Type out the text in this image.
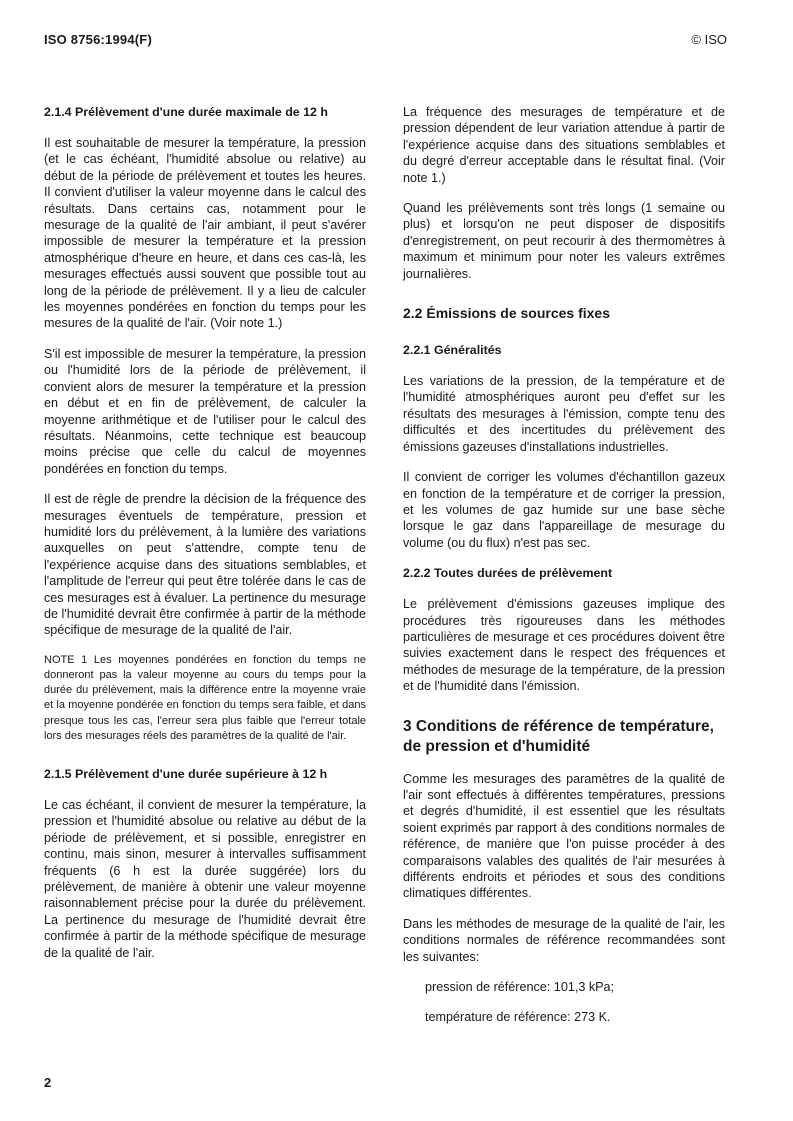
ISO 8756:1994(F)	© ISO
2.1.4 Prélèvement d'une durée maximale de 12 h

Il est souhaitable de mesurer la température, la pression (et le cas échéant, l'humidité absolue ou relative) au début de la période de prélèvement et toutes les heures. Il convient d'utiliser la valeur moyenne dans le calcul des résultats. Dans certains cas, notamment pour le mesurage de la qualité de l'air ambiant, il peut s'avérer impossible de mesurer la température et la pression atmosphérique d'heure en heure, et dans ces cas-là, les mesurages effectués aussi souvent que possible tout au long de la période de prélèvement. Il y a lieu de calculer les moyennes pondérées en fonction du temps pour les mesures de la qualité de l'air. (Voir note 1.)

S'il est impossible de mesurer la température, la pression ou l'humidité lors de la période de prélèvement, il convient alors de mesurer la température et la pression en début et en fin de prélèvement, de calculer la moyenne arithmétique et de l'utiliser pour le calcul des résultats. Néanmoins, cette technique est beaucoup moins précise que celle du calcul de moyennes pondérées en fonction du temps.

Il est de règle de prendre la décision de la fréquence des mesurages éventuels de température, pression et humidité lors du prélèvement, à la lumière des variations auxquelles on peut s'attendre, compte tenu de l'expérience acquise dans des situations semblables, et l'amplitude de l'erreur qui peut être tolérée dans le cas de ces mesurages est à évaluer. La pertinence du mesurage de l'humidité devrait être confirmée à partir de la méthode spécifique de mesurage de la qualité de l'air.

NOTE 1 Les moyennes pondérées en fonction du temps ne donneront pas la valeur moyenne au cours du temps pour la durée du prélèvement, mais la différence entre la moyenne vraie et la moyenne pondérée en fonction du temps sera faible, et dans presque tous les cas, l'erreur sera plus faible que l'erreur totale lors des mesurages réels des paramètres de la qualité de l'air.

2.1.5 Prélèvement d'une durée supérieure à 12 h

Le cas échéant, il convient de mesurer la température, la pression et l'humidité absolue ou relative au début de la période de prélèvement, et si possible, enregistrer en continu, mais sinon, mesurer à intervalles suffisamment fréquents (6 h est la durée suggérée) lors du prélèvement, de manière à obtenir une valeur moyenne raisonnablement précise pour la durée du prélèvement. La pertinence du mesurage de l'humidité devrait être confirmée à partir de la méthode spécifique de mesurage de la qualité de l'air.

La fréquence des mesurages de température et de pression dépendent de leur variation attendue à partir de l'expérience acquise dans des situations semblables et du degré d'erreur acceptable dans le résultat final. (Voir note 1.)

Quand les prélèvements sont très longs (1 semaine ou plus) et lorsqu'on ne peut disposer de dispositifs d'enregistrement, on peut recourir à des thermomètres à maximum et minimum pour noter les valeurs extrêmes journalières.

2.2 Émissions de sources fixes
2.2.1 Généralités

Les variations de la pression, de la température et de l'humidité atmosphériques auront peu d'effet sur les résultats des mesurages à l'émission, compte tenu des difficultés et des incertitudes du prélèvement des émissions gazeuses d'installations industrielles.

Il convient de corriger les volumes d'échantillon gazeux en fonction de la température et de corriger la pression, et les volumes de gaz humide sur une base sèche lorsque le gaz dans l'appareillage de mesurage du volume (ou du flux) n'est pas sec.

2.2.2 Toutes durées de prélèvement

Le prélèvement d'émissions gazeuses implique des procédures très rigoureuses dans les méthodes particulières de mesurage et ces procédures doivent être suivies exactement dans le respect des fréquences et méthodes de mesurage de la température, de la pression et de l'humidité dans l'émission.

3 Conditions de référence de température, de pression et d'humidité

Comme les mesurages des paramètres de la qualité de l'air sont effectués à différentes températures, pressions et degrés d'humidité, il est essentiel que les résultats soient exprimés par rapport à des conditions normales de référence, de manière que l'on puisse procéder à des comparaisons valables des qualités de l'air mesurées à différents endroits et périodes et sous des conditions climatiques différentes.

Dans les méthodes de mesurage de la qualité de l'air, les conditions normales de référence recommandées sont les suivantes:

pression de référence: 101,3 kPa;

température de référence: 273 K.

2
